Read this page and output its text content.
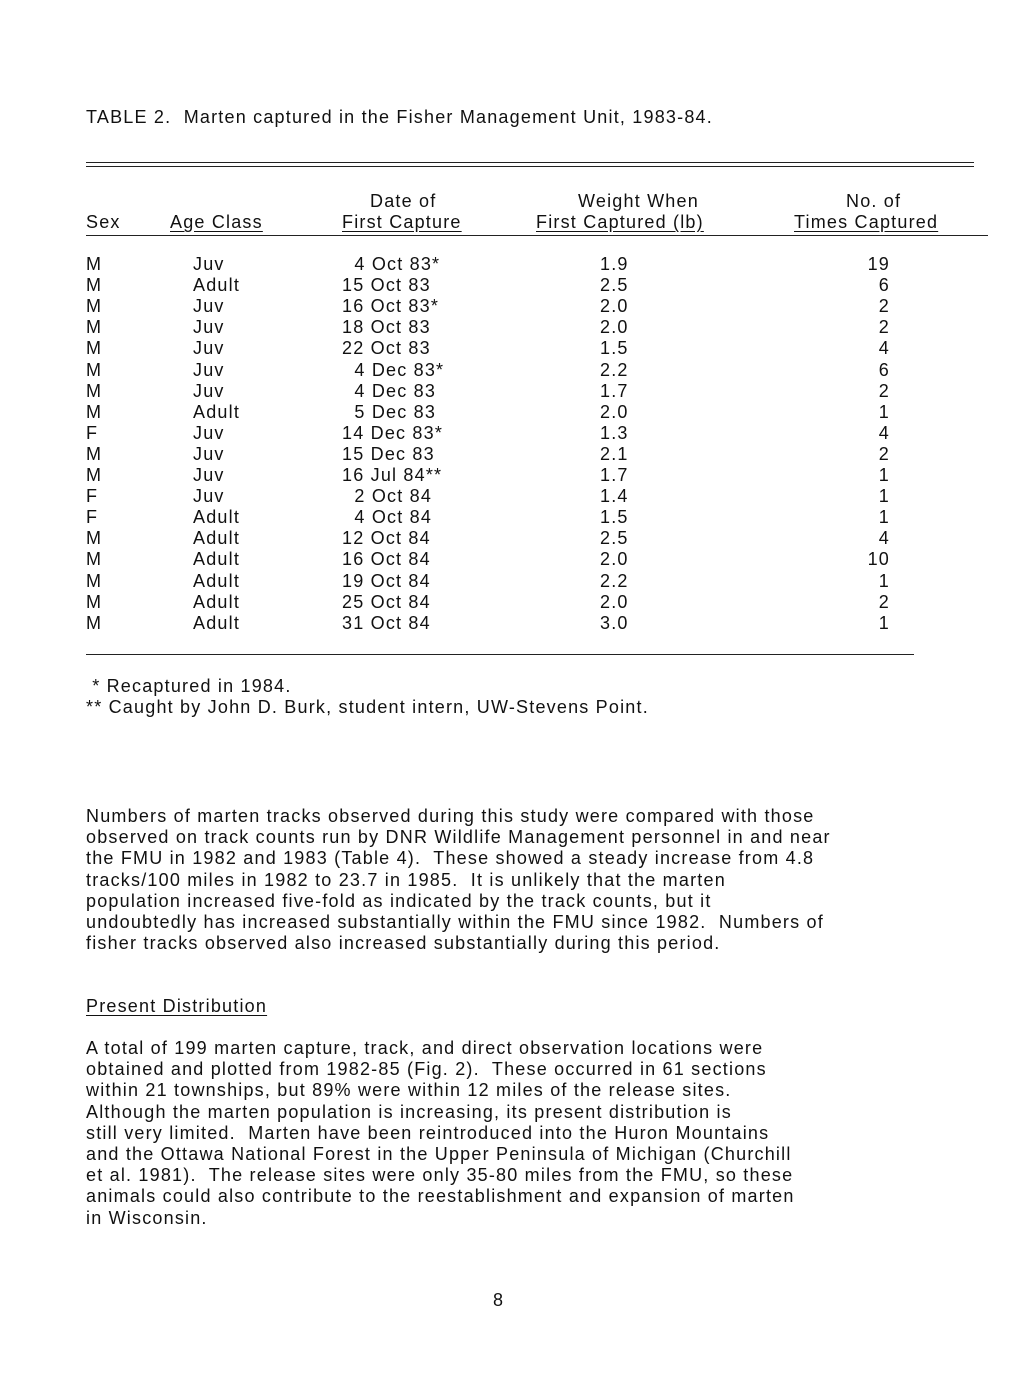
TABLE 2.  Marten captured in the Fisher Management Unit, 1983-84.
Date of	Weight When	No. of
Sex	Age Class	First Capture	First Captured (lb)	Times Captured
M	Juv	4 Oct 83*	1.9	19
M	Adult	15 Oct 83	2.5	6
M	Juv	16 Oct 83*	2.0	2
M	Juv	18 Oct 83	2.0	2
M	Juv	22 Oct 83	1.5	4
M	Juv	4 Dec 83*	2.2	6
M	Juv	4 Dec 83	1.7	2
M	Adult	5 Dec 83	2.0	1
F	Juv	14 Dec 83*	1.3	4
M	Juv	15 Dec 83	2.1	2
M	Juv	16 Jul 84**	1.7	1
F	Juv	2 Oct 84	1.4	1
F	Adult	4 Oct 84	1.5	1
M	Adult	12 Oct 84	2.5	4
M	Adult	16 Oct 84	2.0	10
M	Adult	19 Oct 84	2.2	1
M	Adult	25 Oct 84	2.0	2
M	Adult	31 Oct 84	3.0	1
* Recaptured in 1984.
** Caught by John D. Burk, student intern, UW-Stevens Point.
Numbers of marten tracks observed during this study were compared with those
observed on track counts run by DNR Wildlife Management personnel in and near
the FMU in 1982 and 1983 (Table 4).  These showed a steady increase from 4.8
tracks/100 miles in 1982 to 23.7 in 1985.  It is unlikely that the marten
population increased five-fold as indicated by the track counts, but it
undoubtedly has increased substantially within the FMU since 1982.  Numbers of
fisher tracks observed also increased substantially during this period.
Present Distribution
A total of 199 marten capture, track, and direct observation locations were
obtained and plotted from 1982-85 (Fig. 2).  These occurred in 61 sections
within 21 townships, but 89% were within 12 miles of the release sites.
Although the marten population is increasing, its present distribution is
still very limited.  Marten have been reintroduced into the Huron Mountains
and the Ottawa National Forest in the Upper Peninsula of Michigan (Churchill
et al. 1981).  The release sites were only 35-80 miles from the FMU, so these
animals could also contribute to the reestablishment and expansion of marten
in Wisconsin.
8
